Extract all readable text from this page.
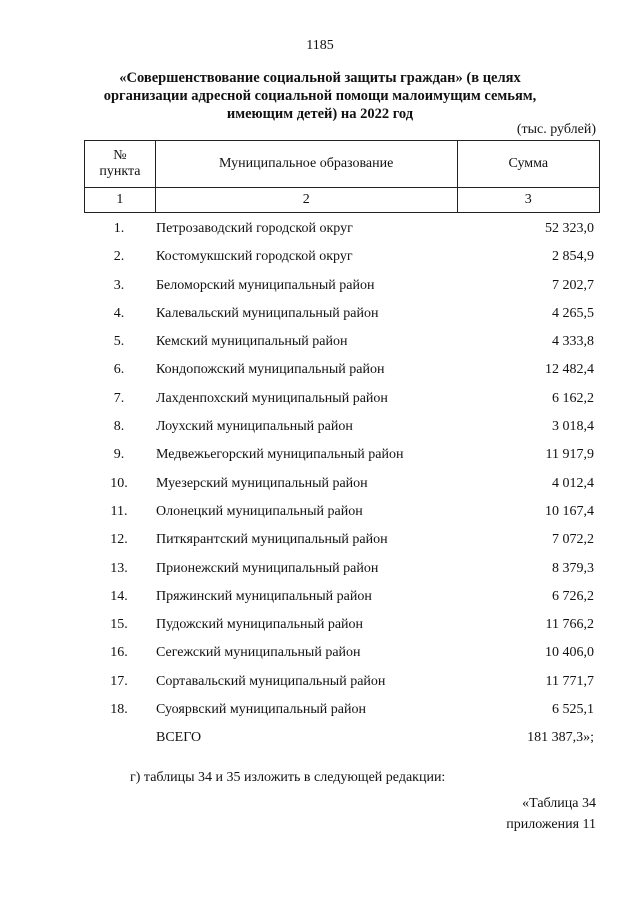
1185
«Совершенствование социальной защиты граждан» (в целях
организации адресной социальной помощи малоимущим семьям,
имеющим детей) на 2022 год
(тыс. рублей)
№
пункта	Муниципальное образование	Сумма
1	2	3
1.	Петрозаводский городской округ	52 323,0
2.	Костомукшский городской округ	2 854,9
3.	Беломорский муниципальный район	7 202,7
4.	Калевальский муниципальный район	4 265,5
5.	Кемский муниципальный район	4 333,8
6.	Кондопожский муниципальный район	12 482,4
7.	Лахденпохский муниципальный район	6 162,2
8.	Лоухский муниципальный район	3 018,4
9.	Медвежьегорский муниципальный район	11 917,9
10.	Муезерский муниципальный район	4 012,4
11.	Олонецкий муниципальный район	10 167,4
12.	Питкярантский муниципальный район	7 072,2
13.	Прионежский муниципальный район	8 379,3
14.	Пряжинский муниципальный район	6 726,2
15.	Пудожский муниципальный район	11 766,2
16.	Сегежский муниципальный район	10 406,0
17.	Сортавальский муниципальный район	11 771,7
18.	Суоярвский муниципальный район	6 525,1
ВСЕГО	181 387,3»;
г) таблицы 34 и 35 изложить в следующей редакции:
«Таблица 34
приложения 11
